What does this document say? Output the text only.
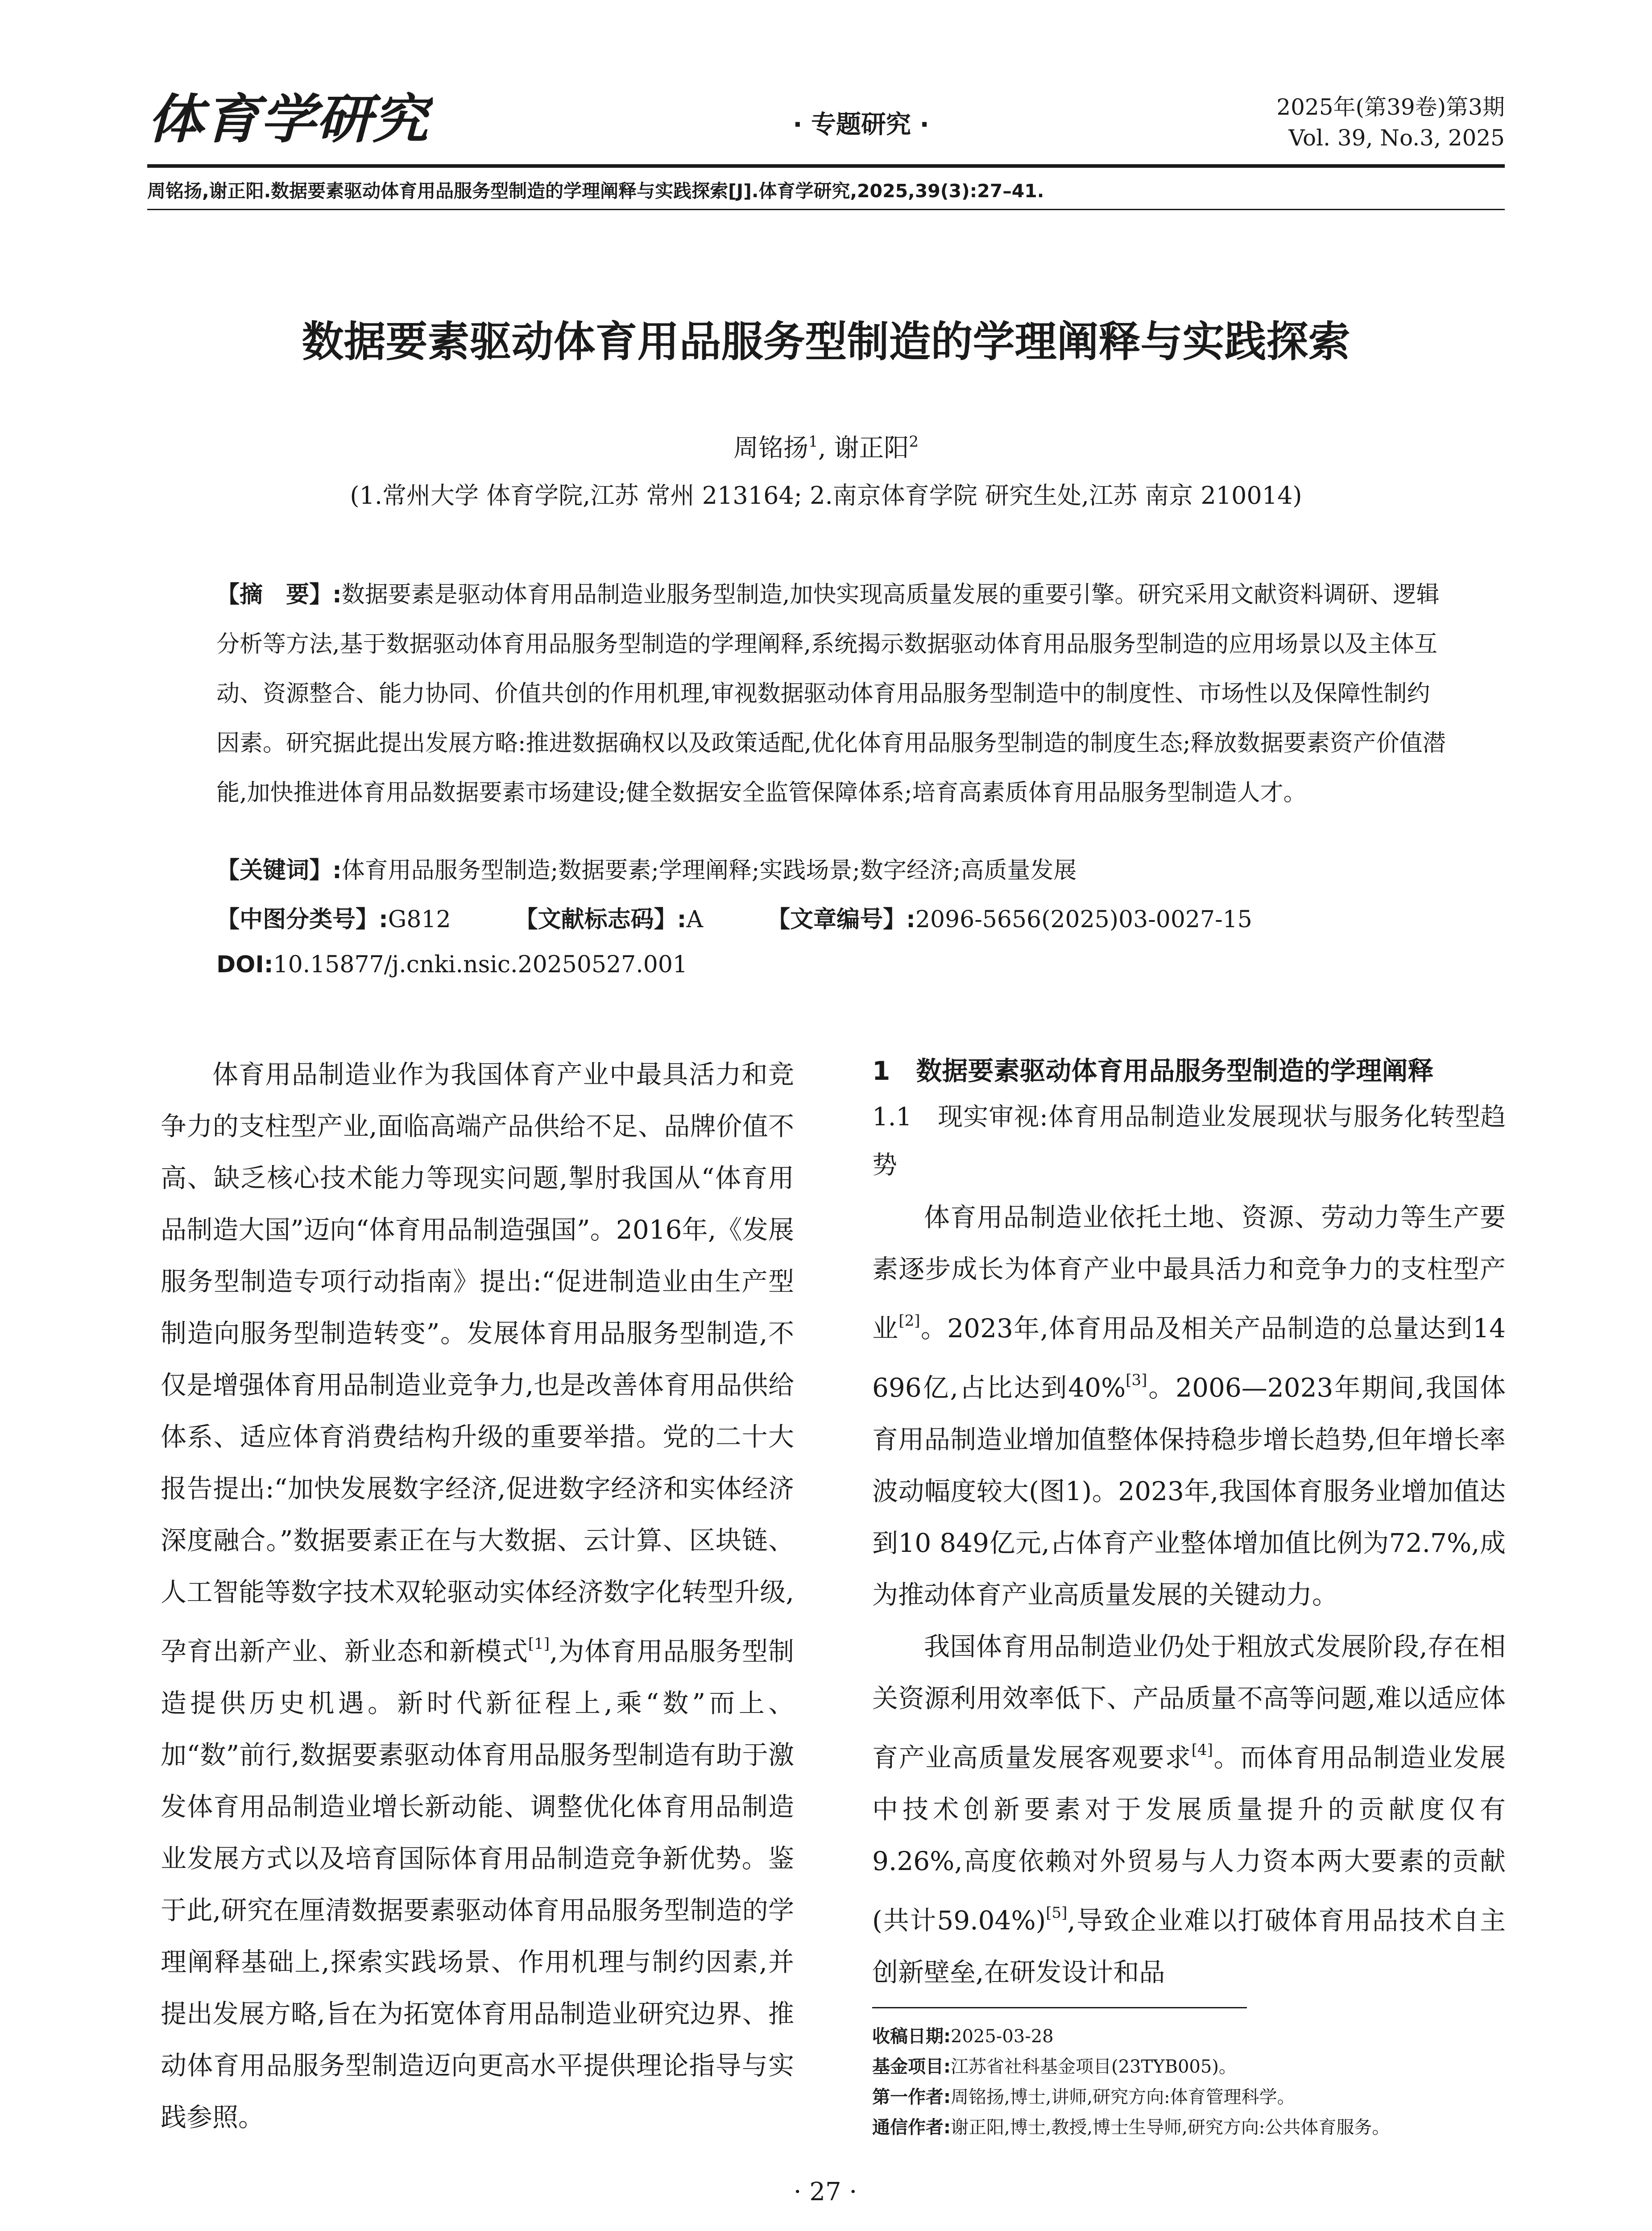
体育学研究	· 专题研究 ·
2025年(第39卷)第3期
Vol. 39, No.3, 2025
周铭扬,谢正阳.数据要素驱动体育用品服务型制造的学理阐释与实践探索[J].体育学研究,2025,39(3):27–41.
数据要素驱动体育用品服务型制造的学理阐释与实践探索
周铭扬$^1$, 谢正阳$^2$
(1.常州大学 体育学院,江苏 常州 213164; 2.南京体育学院 研究生处,江苏 南京 210014)
【摘　要】:数据要素是驱动体育用品制造业服务型制造,加快实现高质量发展的重要引擎。研究采用文献资料调研、逻辑分析等方法,基于数据驱动体育用品服务型制造的学理阐释,系统揭示数据驱动体育用品服务型制造的应用场景以及主体互动、资源整合、能力协同、价值共创的作用机理,审视数据驱动体育用品服务型制造中的制度性、市场性以及保障性制约因素。研究据此提出发展方略:推进数据确权以及政策适配,优化体育用品服务型制造的制度生态;释放数据要素资产价值潜能,加快推进体育用品数据要素市场建设;健全数据安全监管保障体系;培育高素质体育用品服务型制造人才。
【关键词】:体育用品服务型制造;数据要素;学理阐释;实践场景;数字经济;高质量发展
【中图分类号】:G812	【文献标志码】:A	【文章编号】:2096-5656(2025)03-0027-15
DOI:10.15877/j.cnki.nsic.20250527.001

体育用品制造业作为我国体育产业中最具活力和竞争力的支柱型产业,面临高端产品供给不足、品牌价值不高、缺乏核心技术能力等现实问题,掣肘我国从“体育用品制造大国”迈向“体育用品制造强国”。2016年,《发展服务型制造专项行动指南》提出:“促进制造业由生产型制造向服务型制造转变”。发展体育用品服务型制造,不仅是增强体育用品制造业竞争力,也是改善体育用品供给体系、适应体育消费结构升级的重要举措。党的二十大报告提出:“加快发展数字经济,促进数字经济和实体经济深度融合。”数据要素正在与大数据、云计算、区块链、人工智能等数字技术双轮驱动实体经济数字化转型升级,孕育出新产业、新业态和新模式[1],为体育用品服务型制造提供历史机遇。新时代新征程上,乘“数”而上、加“数”前行,数据要素驱动体育用品服务型制造有助于激发体育用品制造业增长新动能、调整优化体育用品制造业发展方式以及培育国际体育用品制造竞争新优势。鉴于此,研究在厘清数据要素驱动体育用品服务型制造的学理阐释基础上,探索实践场景、作用机理与制约因素,并提出发展方略,旨在为拓宽体育用品制造业研究边界、推动体育用品服务型制造迈向更高水平提供理论指导与实践参照。

1　数据要素驱动体育用品服务型制造的学理阐释
1.1　现实审视:体育用品制造业发展现状与服务化转型趋势

体育用品制造业依托土地、资源、劳动力等生产要素逐步成长为体育产业中最具活力和竞争力的支柱型产业[2]。2023年,体育用品及相关产品制造的总量达到14 696亿,占比达到40%[3]。2006—2023年期间,我国体育用品制造业增加值整体保持稳步增长趋势,但年增长率波动幅度较大(图1)。2023年,我国体育服务业增加值达到10 849亿元,占体育产业整体增加值比例为72.7%,成为推动体育产业高质量发展的关键动力。

我国体育用品制造业仍处于粗放式发展阶段,存在相关资源利用效率低下、产品质量不高等问题,难以适应体育产业高质量发展客观要求[4]。而体育用品制造业发展中技术创新要素对于发展质量提升的贡献度仅有9.26%,高度依赖对外贸易与人力资本两大要素的贡献(共计59.04%)[5],导致企业难以打破体育用品技术自主创新壁垒,在研发设计和品

收稿日期:2025-03-28
基金项目:江苏省社科基金项目(23TYB005)。
第一作者:周铭扬,博士,讲师,研究方向:体育管理科学。
通信作者:谢正阳,博士,教授,博士生导师,研究方向:公共体育服务。
· 27 ·
